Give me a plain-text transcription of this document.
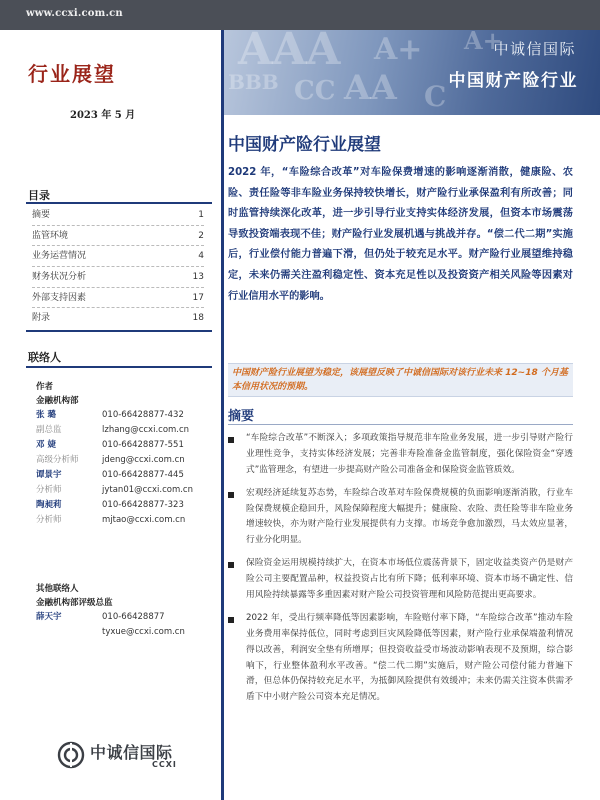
www.ccxi.com.cn
行业展望
2023 年 5 月
目录
摘要	1
监管环境	2
业务运营情况	4
财务状况分析	13
外部支持因素	17
附录	18
联络人
作者
金融机构部
张 璐	010-66428877-432
副总监	lzhang@ccxi.com.cn
邓 婕	010-66428877-551
高级分析师	jdeng@ccxi.com.cn
谭景宇	010-66428877-445
分析师	jytan01@ccxi.com.cn
陶昶莉	010-66428877-323
分析师	mjtao@ccxi.com.cn
其他联络人
金融机构部评级总监
薛天宇	010-66428877
tyxue@ccxi.com.cn
中诚信国际
CCXI
AAA A+
BBB CC AA C
A+
中诚信国际
中国财产险行业
中国财产险行业展望
2022 年，“车险综合改革”对车险保费增速的影响逐渐消散，健康险、农险、责任险等非车险业务保持较快增长，财产险行业承保盈利有所改善；同时监管持续深化改革，进一步引导行业支持实体经济发展，但资本市场震荡导致投资端表现不佳；财产险行业发展机遇与挑战并存。“偿二代二期”实施后，行业偿付能力普遍下滑，但仍处于较充足水平。财产险行业展望维持稳定，未来仍需关注盈利稳定性、资本充足性以及投资资产相关风险等因素对行业信用水平的影响。
中国财产险行业展望为稳定，该展望反映了中诚信国际对该行业未来 12~18 个月基本信用状况的预期。
摘要
“车险综合改革”不断深入；多项政策指导规范非车险业务发展，进一步引导财产险行业理性竞争，支持实体经济发展；完善非寿险准备金监管制度，强化保险资金“穿透式”监管理念，有望进一步提高财产险公司准备金和保险资金监管质效。
宏观经济延续复苏态势，车险综合改革对车险保费规模的负面影响逐渐消散，行业车险保费规模企稳回升，风险保障程度大幅提升；健康险、农险、责任险等非车险业务增速较快，亦为财产险行业发展提供有力支撑。市场竞争愈加激烈，马太效应显著，行业分化明显。
保险资金运用规模持续扩大，在资本市场低位震荡背景下，固定收益类资产仍是财产险公司主要配置品种，权益投资占比有所下降；低利率环境、资本市场不确定性、信用风险持续暴露等多重因素对财产险公司投资管理和风险防范提出更高要求。
2022 年，受出行频率降低等因素影响，车险赔付率下降，“车险综合改革”推动车险业务费用率保持低位，同时考虑到巨灾风险降低等因素，财产险行业承保端盈利情况得以改善，利润安全垫有所增厚；但投资收益受市场波动影响表现不及预期，综合影响下，行业整体盈利水平改善。“偿二代二期”实施后，财产险公司偿付能力普遍下滑，但总体仍保持较充足水平，为抵御风险提供有效缓冲；未来仍需关注资本供需矛盾下中小财产险公司资本充足情况。
